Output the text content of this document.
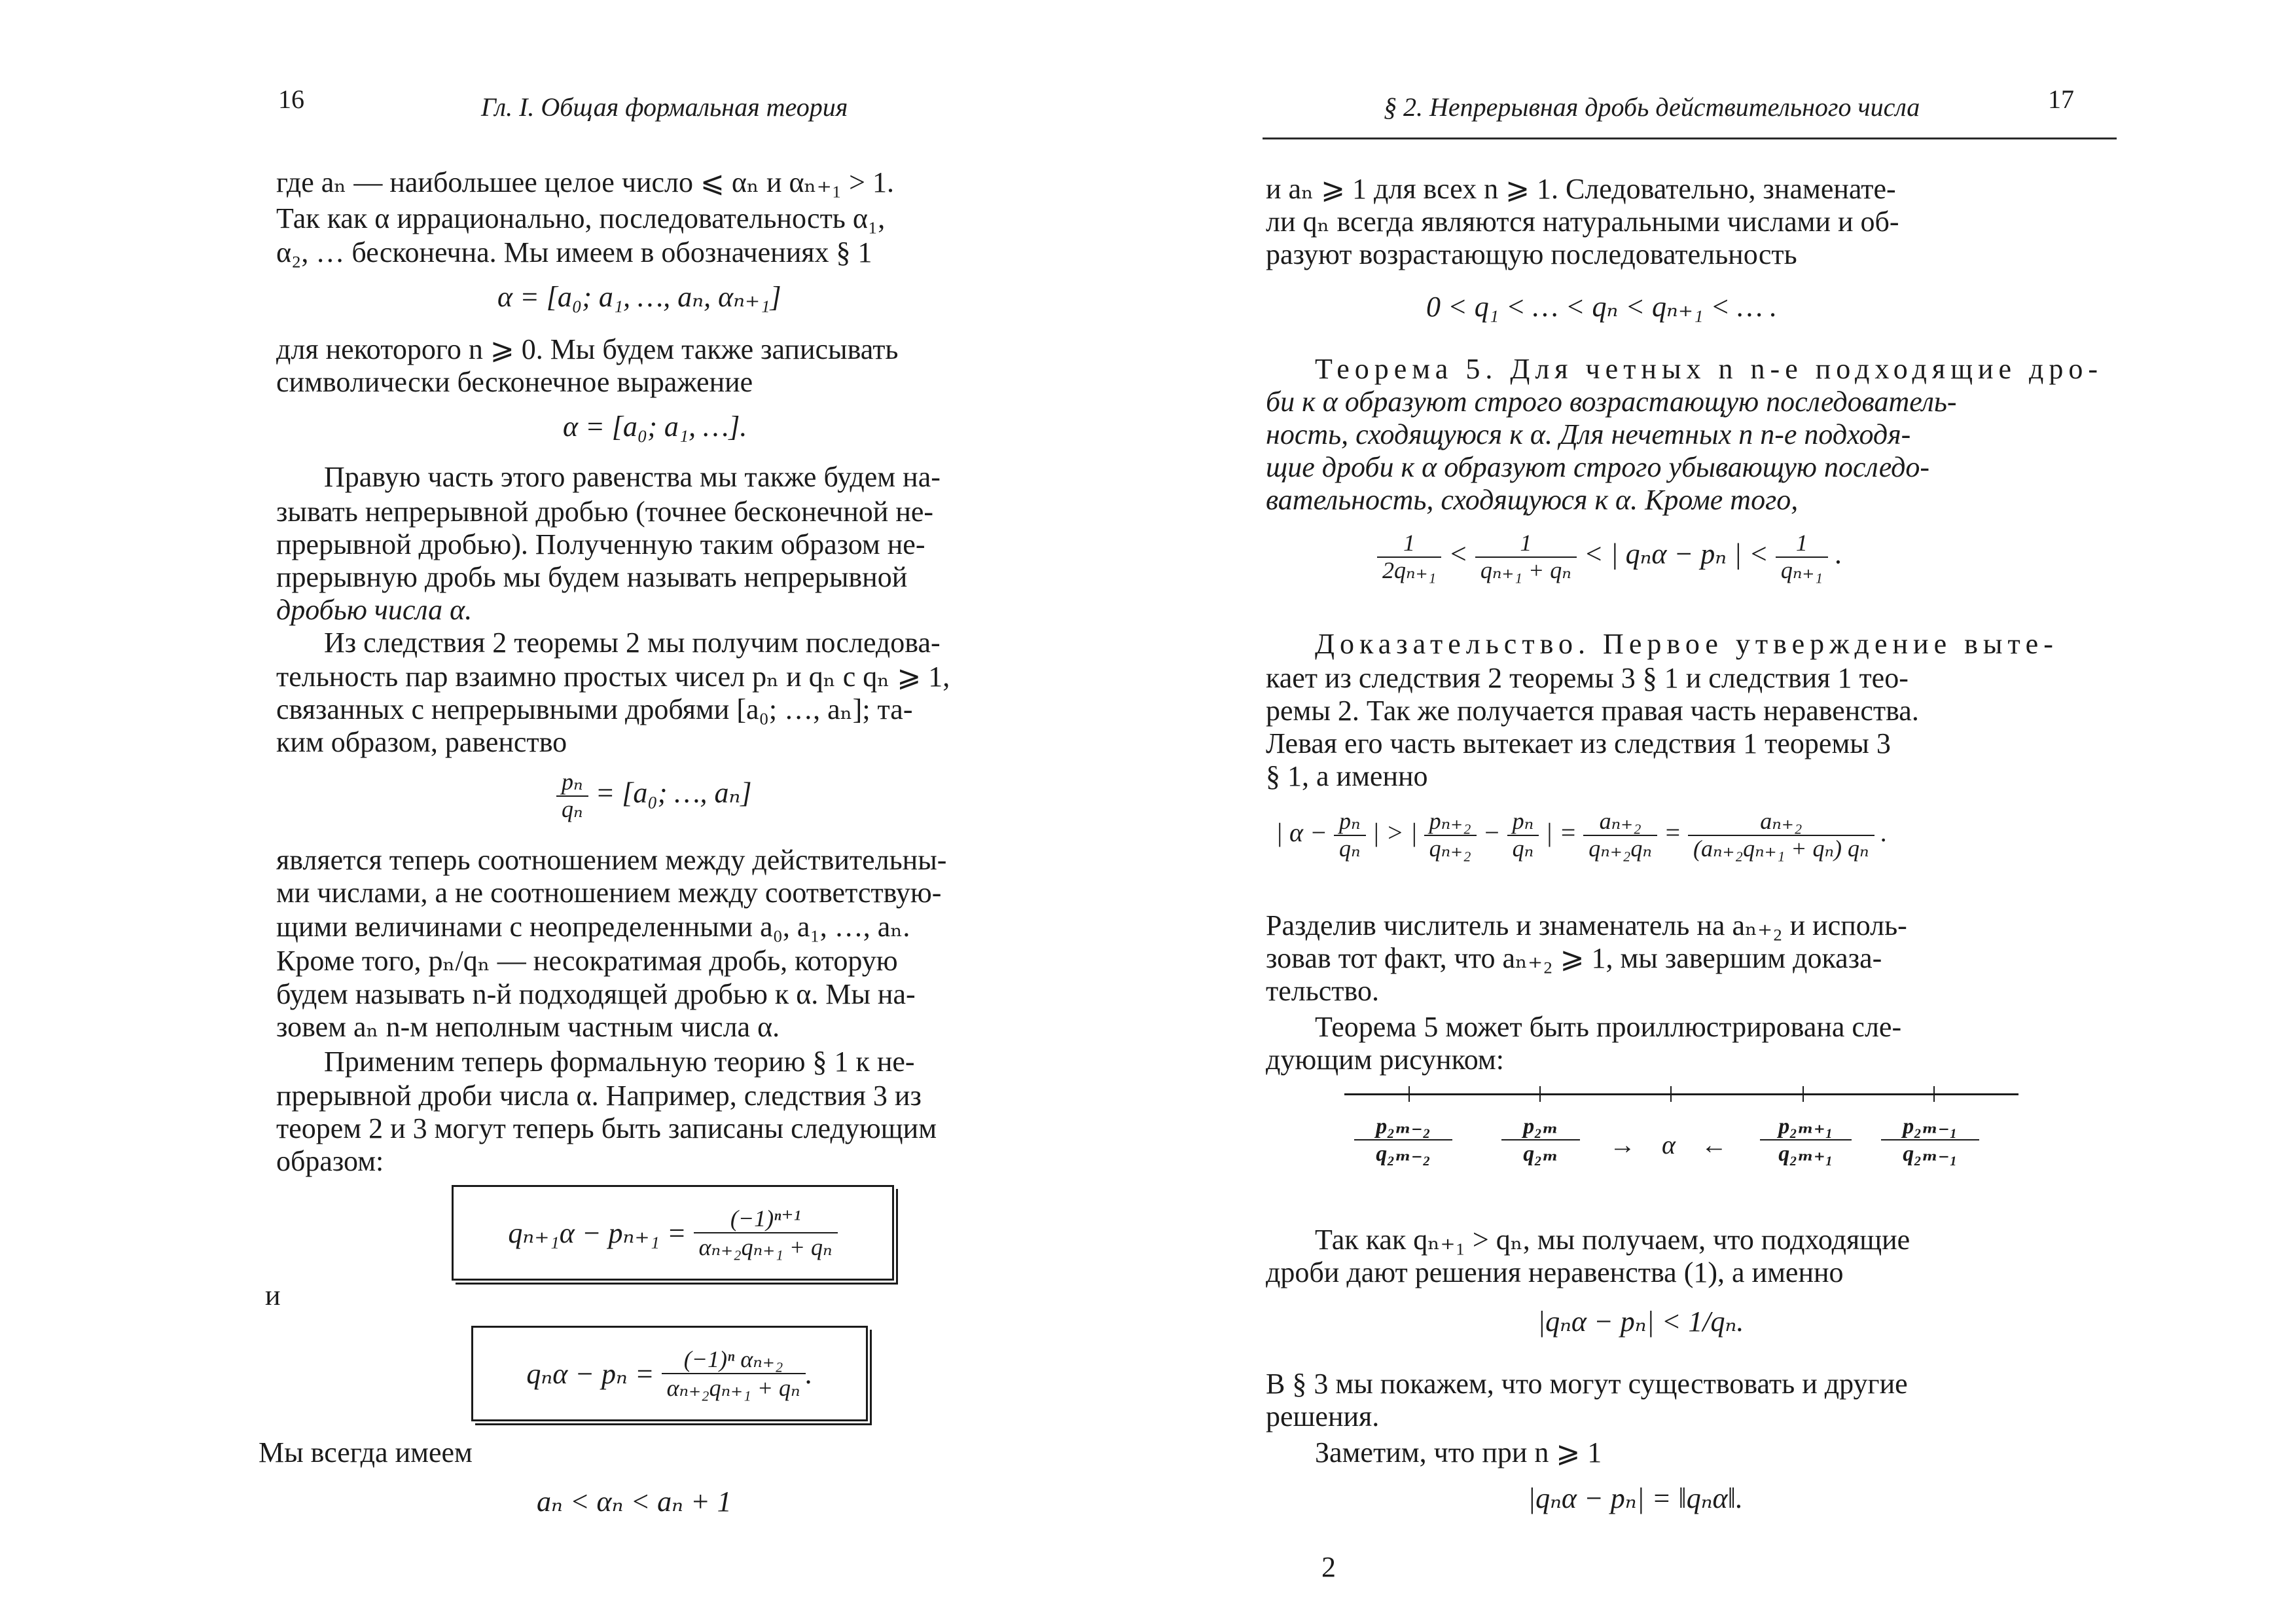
16	Гл. I. Общая формальная теория
где aₙ — наибольшее целое число ⩽ αₙ и αₙ₊₁ > 1.
Так как α иррационально, последовательность α₁,
α₂, … бесконечна. Мы имеем в обозначениях § 1
α = [a₀; a₁, …, aₙ, αₙ₊₁]
для некоторого n ⩾ 0. Мы будем также записывать
символически бесконечное выражение
α = [a₀; a₁, …].
Правую часть этого равенства мы также будем на-
зывать непрерывной дробью (точнее бесконечной не-
прерывной дробью). Полученную таким образом не-
прерывную дробь мы будем называть непрерывной
дробью числа α.
Из следствия 2 теоремы 2 мы получим последова-
тельность пар взаимно простых чисел pₙ и qₙ с qₙ ⩾ 1,
связанных с непрерывными дробями [a₀; …, aₙ]; та-
ким образом, равенство
$\frac{\text{pₙ}}{\text{qₙ}} = [a_0$; …, aₙ]
является теперь соотношением между действительны-
ми числами, а не соотношением между соответствую-
щими величинами с неопределенными a₀, a₁, …, aₙ.
Кроме того, pₙ/qₙ — несократимая дробь, которую
будем называть n-й подходящей дробью к α. Мы на-
зовем aₙ n-м неполным частным числа α.
Применим теперь формальную теорию § 1 к не-
прерывной дроби числа α. Например, следствия 3 из
теорем 2 и 3 могут теперь быть записаны следующим
образом:
qₙ₊₁α − pₙ₊₁ =
$\frac{\text{(−1)ⁿ⁺¹}}{\text{αₙ₊₂qₙ₊₁ + qₙ}}$
и
qₙα − pₙ =
$\frac{\text{(−1)ⁿ αₙ₊₂}}{\text{αₙ₊₂qₙ₊₁ + qₙ}}$ .
Мы всегда имеем
aₙ < αₙ < aₙ + 1
§ 2. Непрерывная дробь действительного числа	17
и aₙ ⩾ 1 для всех n ⩾ 1. Следовательно, знаменате-
ли qₙ всегда являются натуральными числами и об-
разуют возрастающую последовательность
0 < q₁ < … < qₙ < qₙ₊₁ < … .
Теорема 5. Для четных n n-е подходящие дро-
би к α образуют строго возрастающую последователь-
ность, сходящуюся к α. Для нечетных n n-е подходя-
щие дроби к α образуют строго убывающую последо-
вательность, сходящуюся к α. Кроме того,
$\frac{1}{\text{2qₙ₊₁}} < \frac{1}{\text{qₙ₊₁ + qₙ}}$ < | qₙα − pₙ | < $\frac{1}{\text{qₙ₊₁}}$ .
Доказательство. Первое утверждение выте-
кает из следствия 2 теоремы 3 § 1 и следствия 1 тео-
ремы 2. Так же получается правая часть неравенства.
Левая его часть вытекает из следствия 1 теоремы 3
§ 1, а именно
| $\alpha - \frac{\text{pₙ}}{\text{qₙ}}$ | > | $\frac{\text{pₙ₊₂}}{\text{qₙ₊₂}} - \frac{\text{pₙ}}{\text{qₙ}}$ | = $\frac{\text{aₙ₊₂}}{\text{qₙ₊₂qₙ}} = \frac{\text{aₙ₊₂}}{\text{(aₙ₊₂qₙ₊₁ + qₙ) qₙ}}$ .
Разделив числитель и знаменатель на aₙ₊₂ и исполь-
зовав тот факт, что aₙ₊₂ ⩾ 1, мы завершим доказа-
тельство.
Теорема 5 может быть проиллюстрирована сле-
дующим рисунком:
$\frac{\text{p₂ₘ₋₂}}{\text{q₂ₘ₋₂}} \frac{\text{p₂ₘ}}{\text{q₂ₘ}} \to \alpha$ ← $\frac{\text{p₂ₘ₊₁}}{\text{q₂ₘ₊₁}} \frac{\text{p₂ₘ₋₁}}{\text{q₂ₘ₋₁}}$
Так как qₙ₊₁ > qₙ, мы получаем, что подходящие
дроби дают решения неравенства (1), а именно
|qₙα − pₙ| < 1/qₙ.
В § 3 мы покажем, что могут существовать и другие
решения.
Заметим, что при n ⩾ 1
|qₙα − pₙ| = ‖qₙα‖.
2
